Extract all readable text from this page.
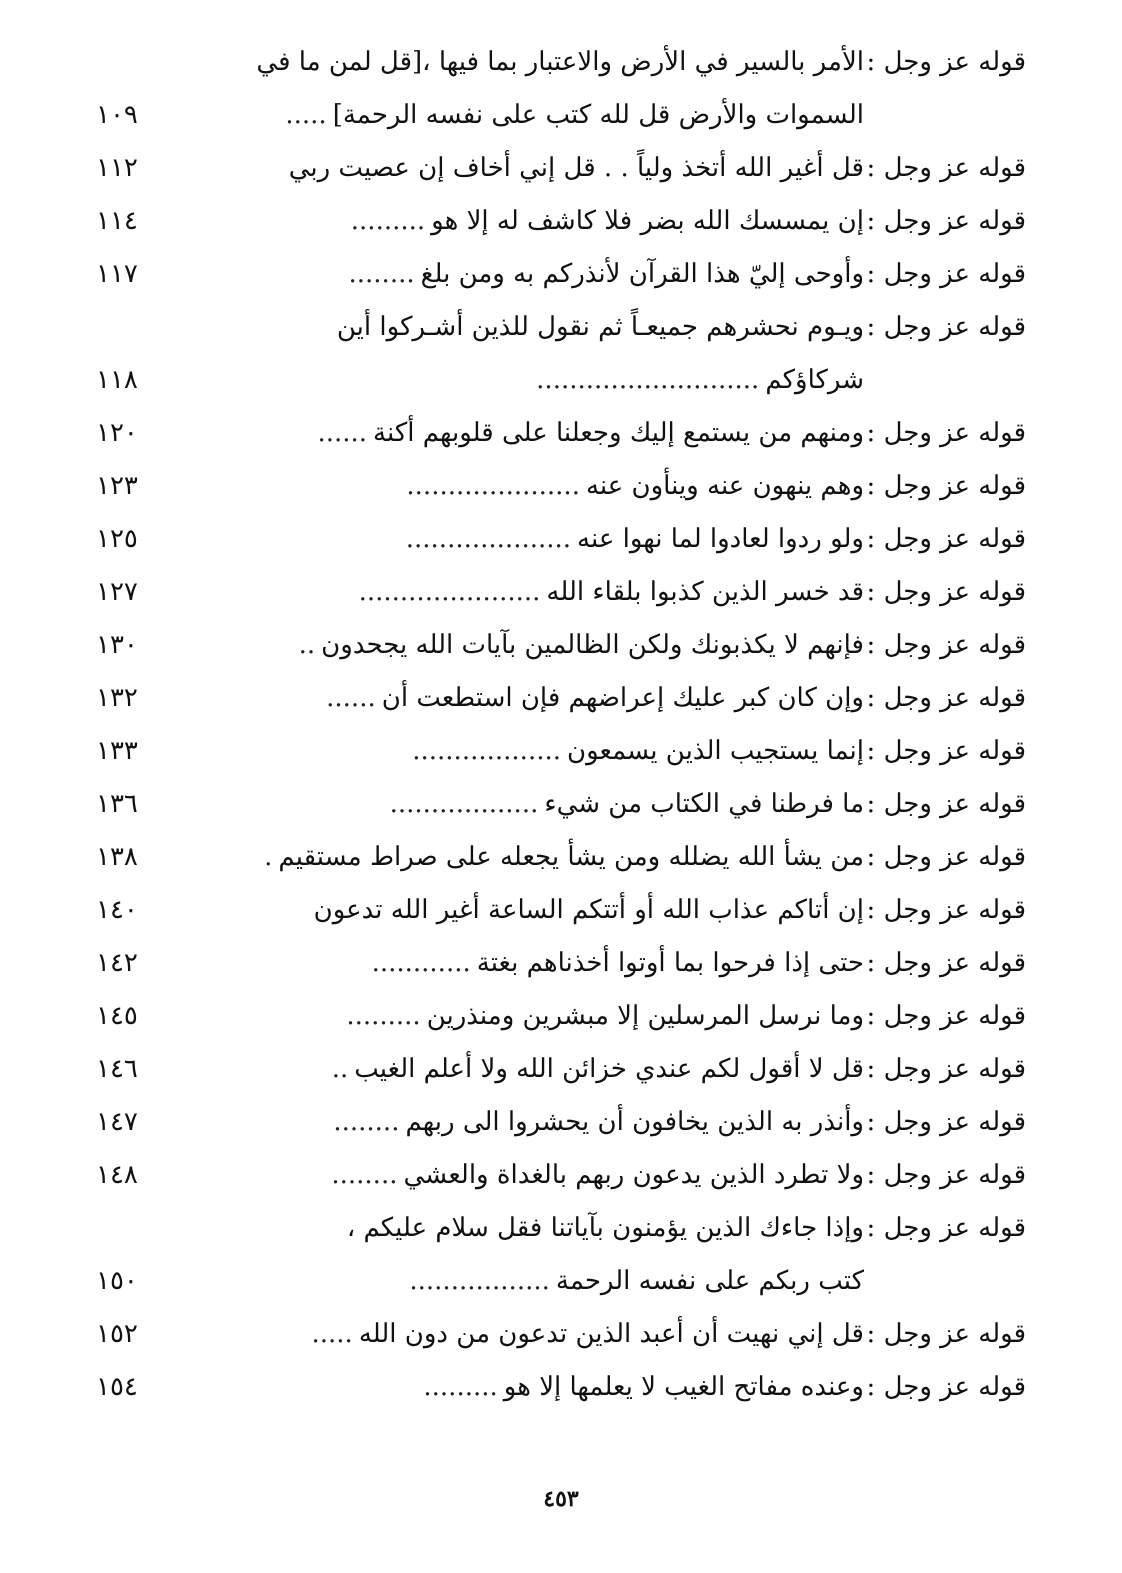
قوله عز وجل :الأمر بالسير في الأرض والاعتبار بما فيها ،[قل لمن ما في
السموات والأرض قل لله كتب على نفسه الرحمة].....
١٠٩
قوله عز وجل :قل أغير الله أتخذ ولياً . . قل إني أخاف إن عصيت ربي
١١٢
قوله عز وجل :إن يمسسك الله بضر فلا كاشف له إلا هو.........
١١٤
قوله عز وجل :وأوحى إليّ هذا القرآن لأنذركم به ومن بلغ........
١١٧
قوله عز وجل :ويـوم نحشرهم جميعـاً ثم نقول للذين أشـركوا أين
شركاؤكم...........................
١١٨
قوله عز وجل :ومنهم من يستمع إليك وجعلنا على قلوبهم أكنة......
١٢٠
قوله عز وجل :وهم ينهون عنه وينأون عنه.....................
١٢٣
قوله عز وجل :ولو ردوا لعادوا لما نهوا عنه....................
١٢٥
قوله عز وجل :قد خسر الذين كذبوا بلقاء الله......................
١٢٧
قوله عز وجل :فإنهم لا يكذبونك ولكن الظالمين بآيات الله يجحدون..
١٣٠
قوله عز وجل :وإن كان كبر عليك إعراضهم فإن استطعت أن......
١٣٢
قوله عز وجل :إنما يستجيب الذين يسمعون..................
١٣٣
قوله عز وجل :ما فرطنا في الكتاب من شيء..................
١٣٦
قوله عز وجل :من يشأ الله يضلله ومن يشأ يجعله على صراط مستقيم.
١٣٨
قوله عز وجل :إن أتاكم عذاب الله أو أتتكم الساعة أغير الله تدعون
١٤٠
قوله عز وجل :حتى إذا فرحوا بما أوتوا أخذناهم بغتة............
١٤٢
قوله عز وجل :وما نرسل المرسلين إلا مبشرين ومنذرين.........
١٤٥
قوله عز وجل :قل لا أقول لكم عندي خزائن الله ولا أعلم الغيب..
١٤٦
قوله عز وجل :وأنذر به الذين يخافون أن يحشروا الى ربهم........
١٤٧
قوله عز وجل :ولا تطرد الذين يدعون ربهم بالغداة والعشي........
١٤٨
قوله عز وجل :وإذا جاءك الذين يؤمنون بآياتنا فقل سلام عليكم ،
كتب ربكم على نفسه الرحمة.................
١٥٠
قوله عز وجل :قل إني نهيت أن أعبد الذين تدعون من دون الله.....
١٥٢
قوله عز وجل :وعنده مفاتح الغيب لا يعلمها إلا هو.........
١٥٤
٤٥٣
